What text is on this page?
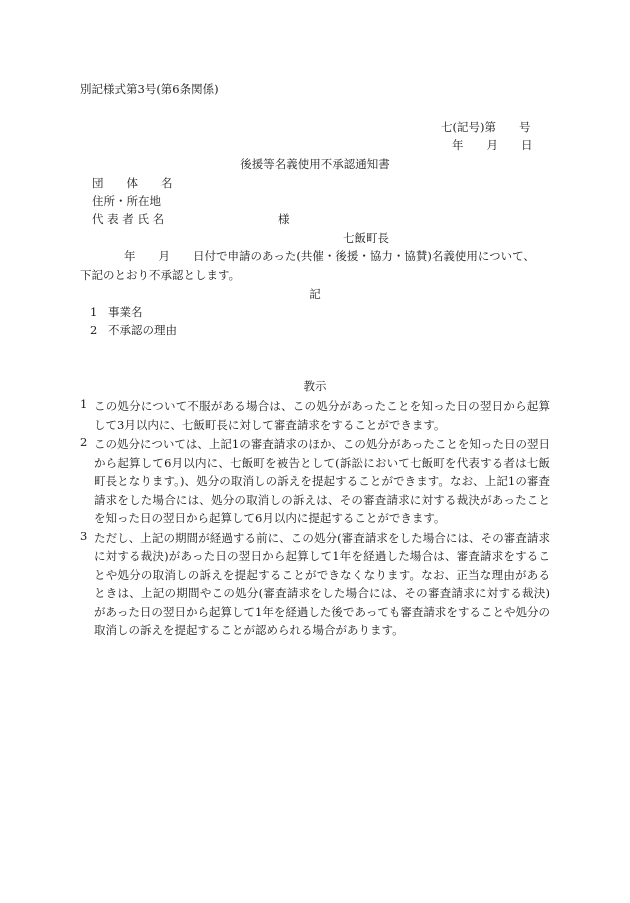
別記様式第3号(第6条関係)
七(記号)第　　号
年　　月　　日
後援等名義使用不承認通知書
団　　体　　名
住所・所在地
代 表 者 氏 名	様
七飯町長
年　　月　　日付で申請のあった(共催・後援・協力・協賛)名義使用について、
下記のとおり不承認とします。
記
1 事業名
2 不承認の理由
教示
1 この処分について不服がある場合は、この処分があったことを知った日の翌日から起算して3月以内に、七飯町長に対して審査請求をすることができます。
2 この処分については、上記1の審査請求のほか、この処分があったことを知った日の翌日から起算して6月以内に、七飯町を被告として(訴訟において七飯町を代表する者は七飯町長となります。)、処分の取消しの訴えを提起することができます。なお、上記1の審査請求をした場合には、処分の取消しの訴えは、その審査請求に対する裁決があったことを知った日の翌日から起算して6月以内に提起することができます。
3 ただし、上記の期間が経過する前に、この処分(審査請求をした場合には、その審査請求に対する裁決)があった日の翌日から起算して1年を経過した場合は、審査請求をすることや処分の取消しの訴えを提起することができなくなります。なお、正当な理由があるときは、上記の期間やこの処分(審査請求をした場合には、その審査請求に対する裁決)があった日の翌日から起算して1年を経過した後であっても審査請求をすることや処分の取消しの訴えを提起することが認められる場合があります。
